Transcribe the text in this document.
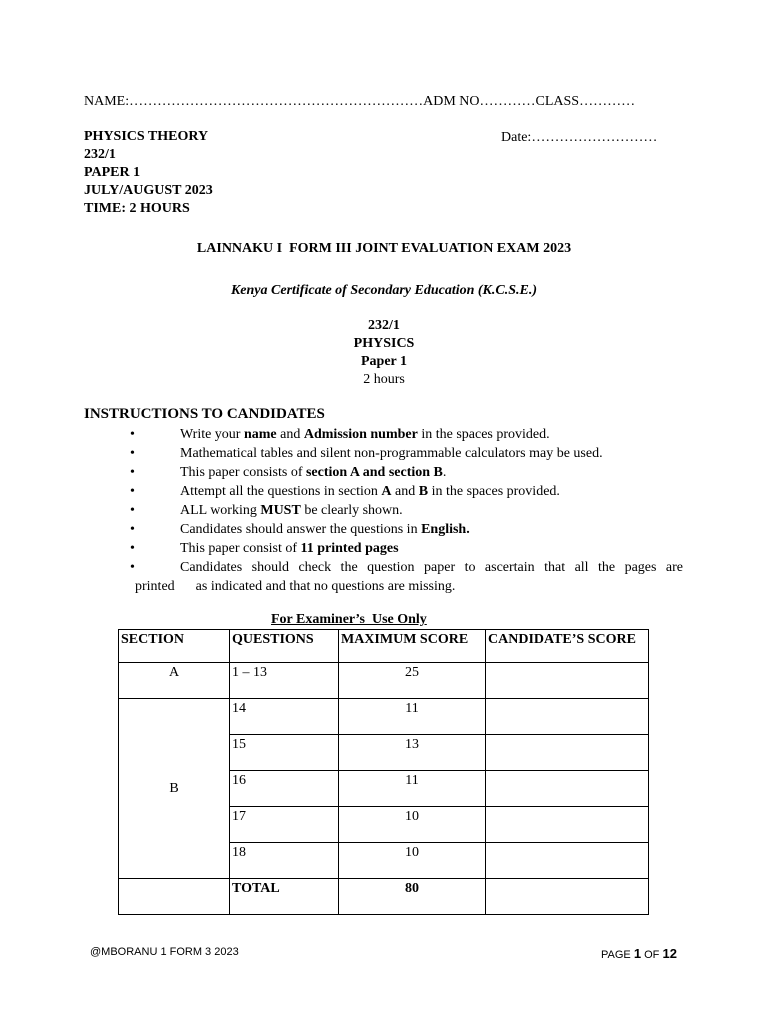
NAME:………………………………………………………ADM NO…………CLASS…………
PHYSICS THEORY	Date:………………………
232/1
PAPER 1
JULY/AUGUST 2023
TIME: 2 HOURS
LAINNAKU I  FORM III JOINT EVALUATION EXAM 2023
Kenya Certificate of Secondary Education (K.C.S.E.)
232/1
PHYSICS
Paper 1
2 hours
INSTRUCTIONS TO CANDIDATES
•	Write your name and Admission number in the spaces provided.
•	Mathematical tables and silent non-programmable calculators may be used.
•	This paper consists of section A and section B.
•	Attempt all the questions in section A and B in the spaces provided.
•	ALL working MUST be clearly shown.
•	Candidates should answer the questions in English.
•	This paper consist of 11 printed pages
•	Candidates should check the question paper to ascertain that all the pages are
printed      as indicated and that no questions are missing.
For Examiner’s  Use Only
SECTION	QUESTIONS	MAXIMUM SCORE	CANDIDATE’S SCORE
A	1 – 13	25	
B	14	11	
	15	13	
	16	11	
	17	10	
	18	10	
	TOTAL	80	
@MBORANU 1 FORM 3 2023	PAGE 1 OF 12
